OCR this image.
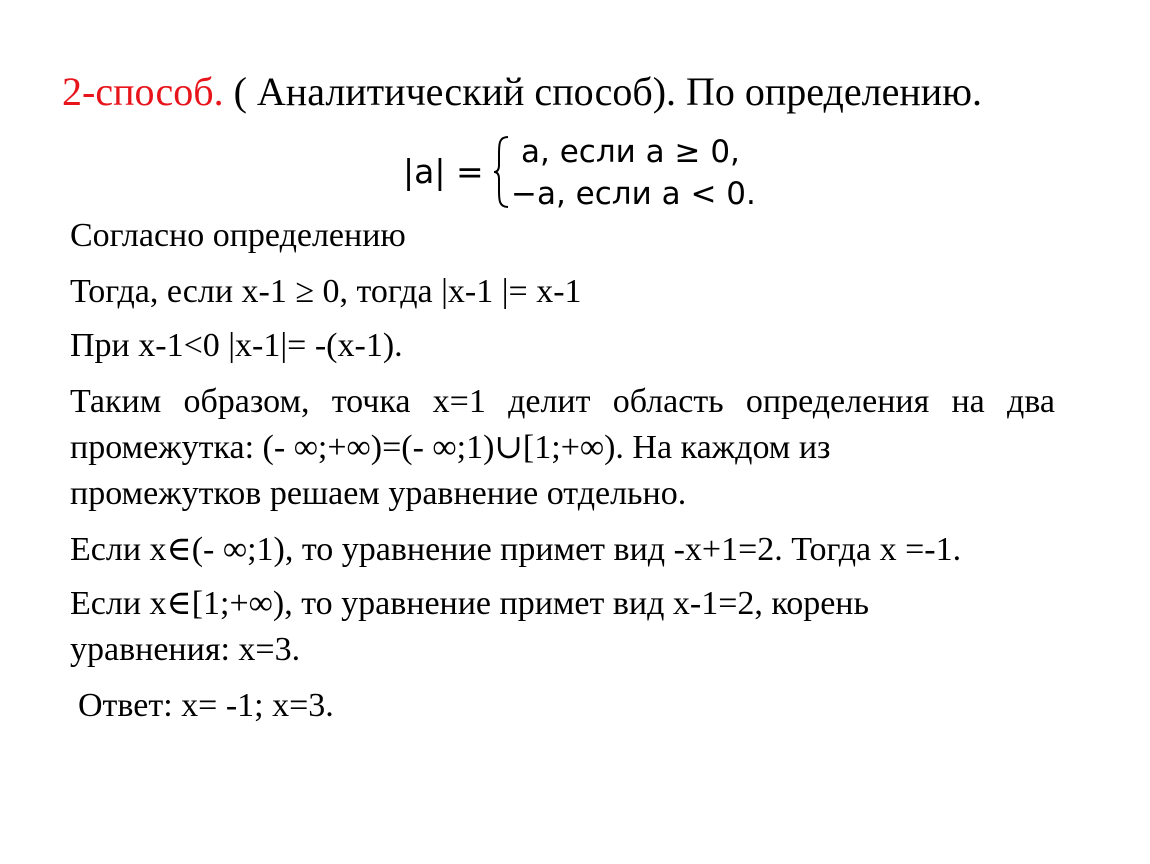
2-способ. ( Аналитический способ). По определению.
|a| = a, если a ≥ 0,
−a, если a < 0.
Согласно определению
Тогда, если х-1 ≥ 0, тогда |х-1 |= х-1
При х-1<0 |х-1|= -(х-1).
Таким образом, точка х=1 делит область определения на два
промежутка: (- ∞;+∞)=(- ∞;1)∪[1;+∞). На каждом из
промежутков решаем уравнение отдельно.
Если х∈(- ∞;1), то уравнение примет вид -х+1=2. Тогда х =-1.
Если х∈[1;+∞), то уравнение примет вид х-1=2, корень
уравнения: х=3.
Ответ: х= -1; х=3.
